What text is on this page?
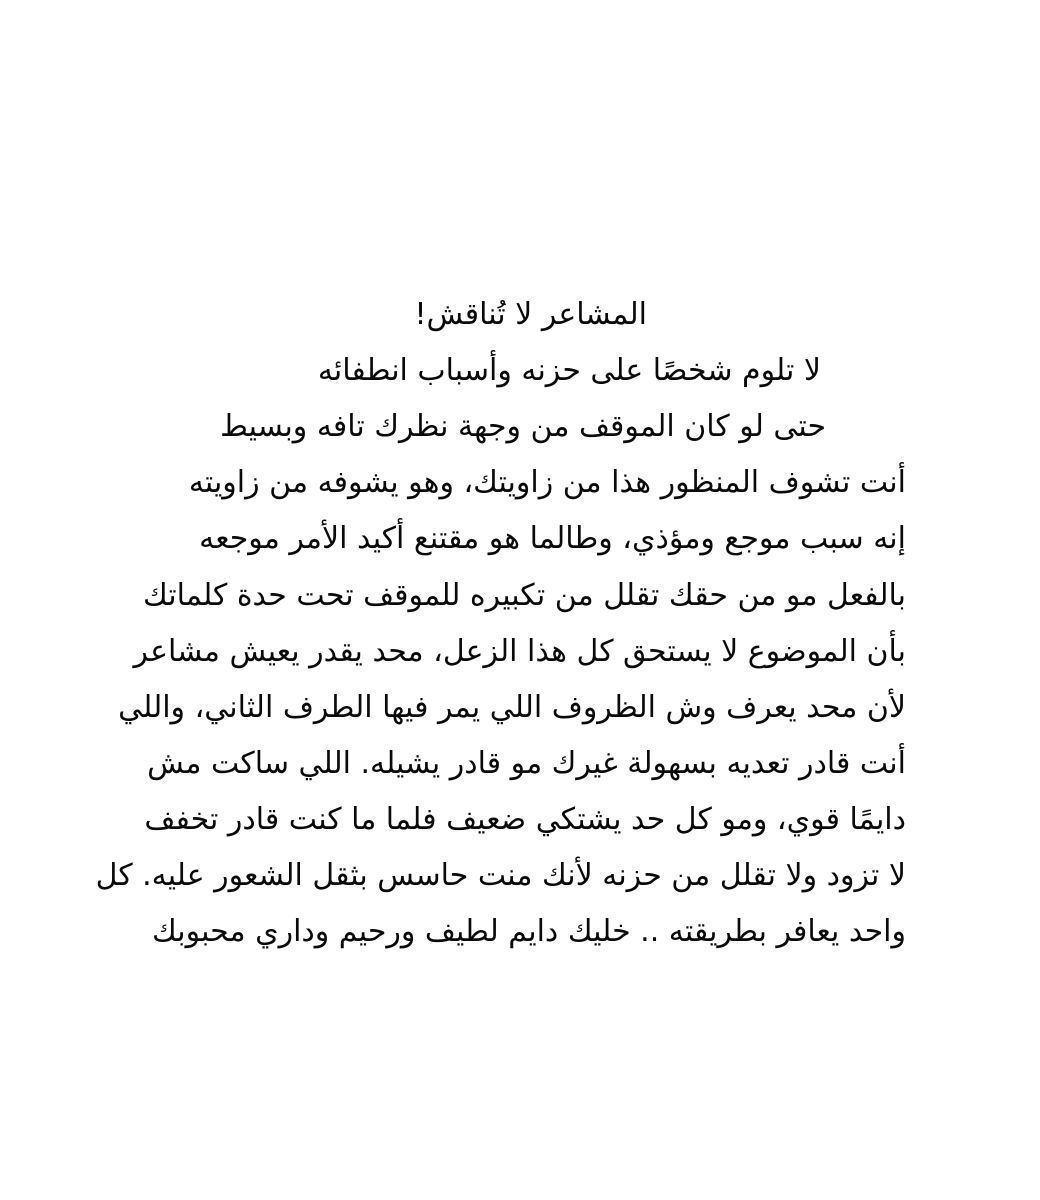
المشاعر لا تُناقش!
لا تلوم شخصًا على حزنه وأسباب انطفائه
حتى لو كان الموقف من وجهة نظرك تافه وبسيط
أنت تشوف المنظور هذا من زاويتك، وهو يشوفه من زاويته
إنه سبب موجع ومؤذي، وطالما هو مقتنع أكيد الأمر موجعه
بالفعل مو من حقك تقلل من تكبيره للموقف تحت حدة كلماتك
بأن الموضوع لا يستحق كل هذا الزعل، محد يقدر يعيش مشاعر
لأن محد يعرف وش الظروف اللي يمر فيها الطرف الثاني، واللي
أنت قادر تعديه بسهولة غيرك مو قادر يشيله. اللي ساكت مش
دايمًا قوي، ومو كل حد يشتكي ضعيف فلما ما كنت قادر تخفف
لا تزود ولا تقلل من حزنه لأنك منت حاسس بثقل الشعور عليه. كل
واحد يعافر بطريقته .. خليك دايم لطيف ورحيم وداري محبوبك
